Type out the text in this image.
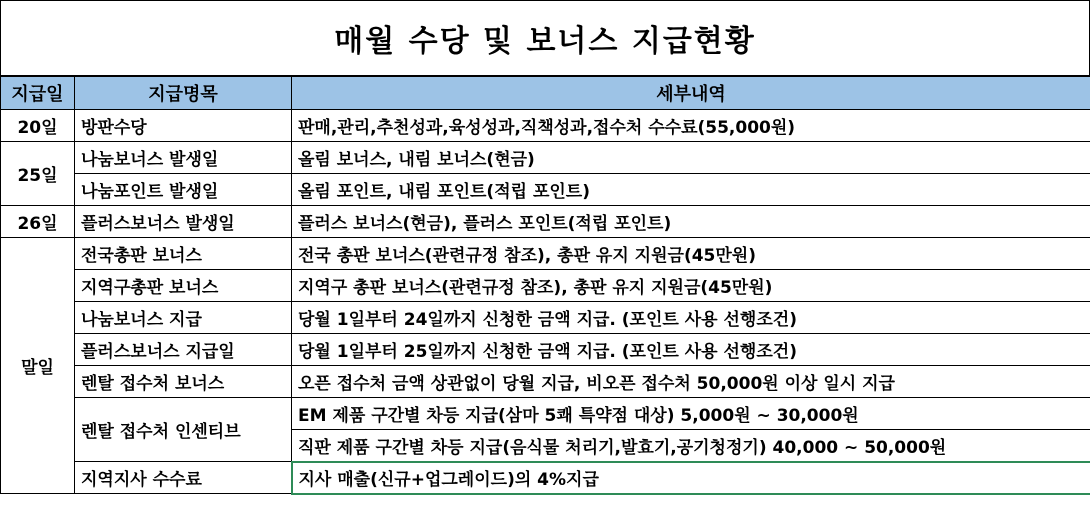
매월 수당 및 보너스 지급현황
지급일	지급명목	세부내역
20일	방판수당	판매,관리,추천성과,육성성과,직책성과,접수처 수수료(55,000원)
25일	나눔보너스 발생일	올림 보너스, 내림 보너스(현금)
	나눔포인트 발생일	올림 포인트, 내림 포인트(적립 포인트)
26일	플러스보너스 발생일	플러스 보너스(현금), 플러스 포인트(적립 포인트)
말일	전국총판 보너스	전국 총판 보너스(관련규정 참조), 총판 유지 지원금(45만원)
	지역구총판 보너스	지역구 총판 보너스(관련규정 참조), 총판 유지 지원금(45만원)
	나눔보너스 지급	당월 1일부터 24일까지 신청한 금액 지급. (포인트 사용 선행조건)
	플러스보너스 지급일	당월 1일부터 25일까지 신청한 금액 지급. (포인트 사용 선행조건)
	렌탈 접수처 보너스	오픈 접수처 금액 상관없이 당월 지급, 비오픈 접수처 50,000원 이상 일시 지급
	렌탈 접수처 인센티브	EM 제품 구간별 차등 지급(삼마 5쾌 특약점 대상) 5,000원 ~ 30,000원
		직판 제품 구간별 차등 지급(음식물 처리기,발효기,공기청정기) 40,000 ~ 50,000원
	지역지사 수수료	지사 매출(신규+업그레이드)의 4%지급
